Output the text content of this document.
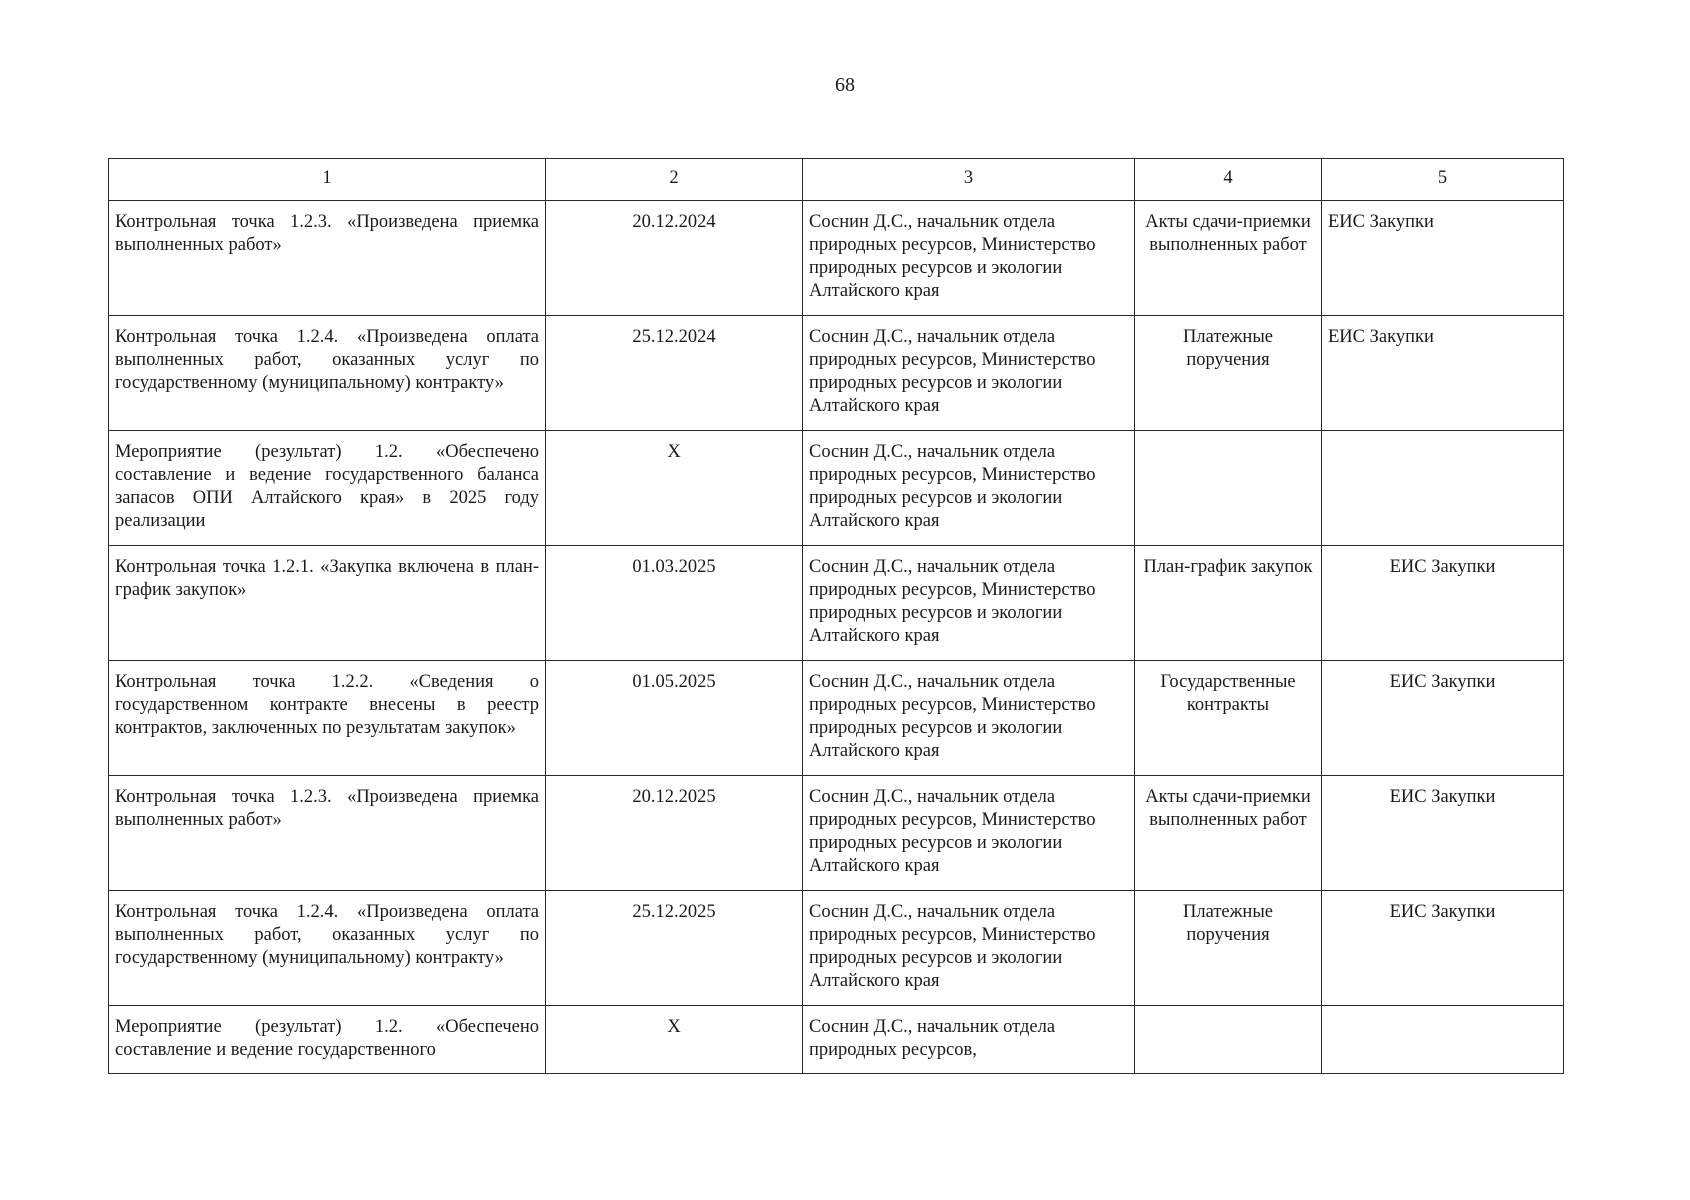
68
1	2	3	4	5
Контрольная точка 1.2.3. «Произведена приемка выполненных работ»	20.12.2024	Соснин Д.С., начальник отдела природных ресурсов, Министерство природных ресурсов и экологии Алтайского края	Акты сдачи-приемки выполненных работ	ЕИС Закупки
Контрольная точка 1.2.4. «Произведена оплата выполненных работ, оказанных услуг по государственному (муниципальному) контракту»	25.12.2024	Соснин Д.С., начальник отдела природных ресурсов, Министерство природных ресурсов и экологии Алтайского края	Платежные поручения	ЕИС Закупки
Мероприятие (результат) 1.2. «Обеспечено составление и ведение государственного баланса запасов ОПИ Алтайского края» в 2025 году реализации	Х	Соснин Д.С., начальник отдела природных ресурсов, Министерство природных ресурсов и экологии Алтайского края		
Контрольная точка 1.2.1. «Закупка включена в план-график закупок»	01.03.2025	Соснин Д.С., начальник отдела природных ресурсов, Министерство природных ресурсов и экологии Алтайского края	План-график закупок	ЕИС Закупки
Контрольная точка 1.2.2. «Сведения о государственном контракте внесены в реестр контрактов, заключенных по результатам закупок»	01.05.2025	Соснин Д.С., начальник отдела природных ресурсов, Министерство природных ресурсов и экологии Алтайского края	Государственные контракты	ЕИС Закупки
Контрольная точка 1.2.3. «Произведена приемка выполненных работ»	20.12.2025	Соснин Д.С., начальник отдела природных ресурсов, Министерство природных ресурсов и экологии Алтайского края	Акты сдачи-приемки выполненных работ	ЕИС Закупки
Контрольная точка 1.2.4. «Произведена оплата выполненных работ, оказанных услуг по государственному (муниципальному) контракту»	25.12.2025	Соснин Д.С., начальник отдела природных ресурсов, Министерство природных ресурсов и экологии Алтайского края	Платежные поручения	ЕИС Закупки
Мероприятие (результат) 1.2. «Обеспечено составление и ведение государственного	Х	Соснин Д.С., начальник отдела природных ресурсов,		
